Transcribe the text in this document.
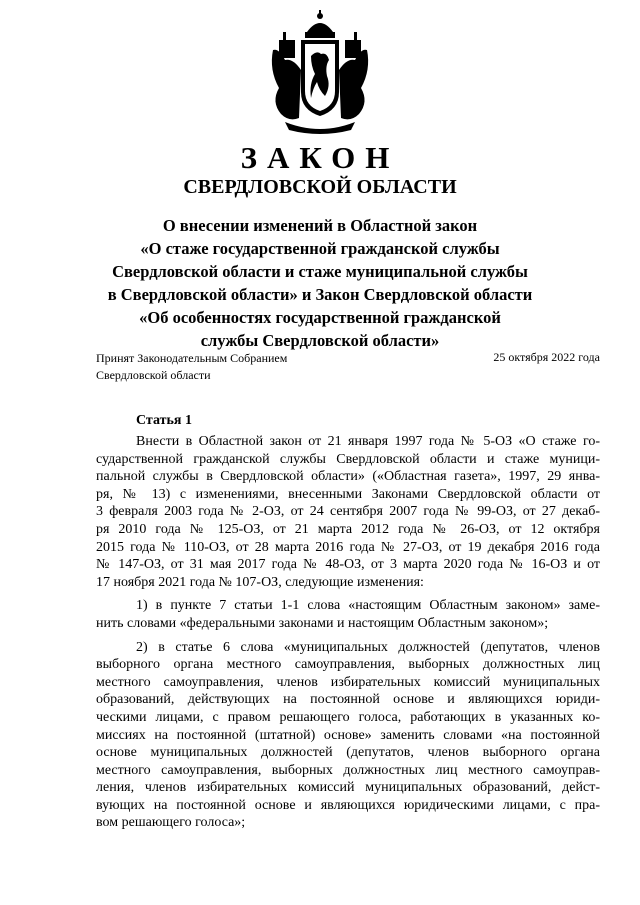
ЗАКОН
СВЕРДЛОВСКОЙ ОБЛАСТИ
О внесении изменений в Областной закон
«О стаже государственной гражданской службы
Свердловской области и стаже муниципальной службы
в Свердловской области» и Закон Свердловской области
«Об особенностях государственной гражданской
службы Свердловской области»
Принят Законодательным Собранием
Свердловской области
25 октября 2022 года
Статья 1
Внести в Областной закон от 21 января 1997 года № 5-ОЗ «О стаже го-
сударственной гражданской службы Свердловской области и стаже муници-
пальной службы в Свердловской области» («Областная газета», 1997, 29 янва-
ря, № 13) с изменениями, внесенными Законами Свердловской области от
3 февраля 2003 года № 2-ОЗ, от 24 сентября 2007 года № 99-ОЗ, от 27 декаб-
ря 2010 года № 125-ОЗ, от 21 марта 2012 года № 26-ОЗ, от 12 октября
2015 года № 110-ОЗ, от 28 марта 2016 года № 27-ОЗ, от 19 декабря 2016 года
№ 147-ОЗ, от 31 мая 2017 года № 48-ОЗ, от 3 марта 2020 года № 16-ОЗ и от
17 ноября 2021 года № 107-ОЗ, следующие изменения:
1) в пункте 7 статьи 1-1 слова «настоящим Областным законом» заме-
нить словами «федеральными законами и настоящим Областным законом»;
2) в статье 6 слова «муниципальных должностей (депутатов, членов
выборного органа местного самоуправления, выборных должностных лиц
местного самоуправления, членов избирательных комиссий муниципальных
образований, действующих на постоянной основе и являющихся юриди-
ческими лицами, с правом решающего голоса, работающих в указанных ко-
миссиях на постоянной (штатной) основе» заменить словами «на постоянной
основе муниципальных должностей (депутатов, членов выборного органа
местного самоуправления, выборных должностных лиц местного самоуправ-
ления, членов избирательных комиссий муниципальных образований, дейст-
вующих на постоянной основе и являющихся юридическими лицами, с пра-
вом решающего голоса»;
